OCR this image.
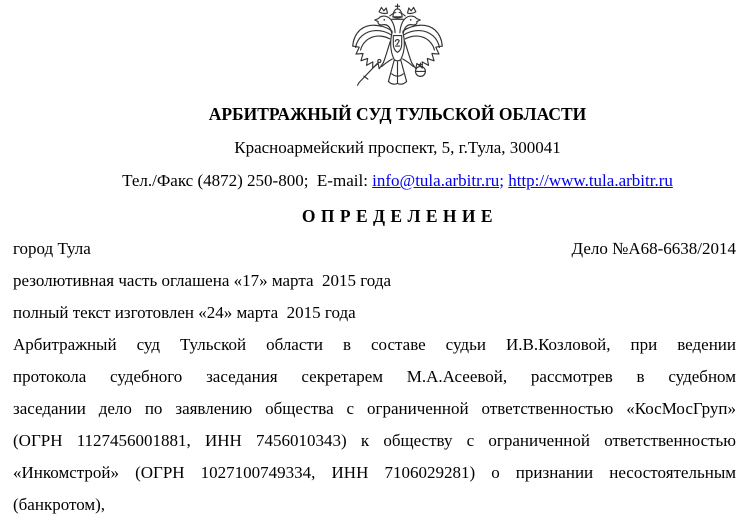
АРБИТРАЖНЫЙ СУД ТУЛЬСКОЙ ОБЛАСТИ
Красноармейский проспект, 5, г.Тула, 300041
Тел./Факс (4872) 250-800;  E-mail: info@tula.arbitr.ru; http://www.tula.arbitr.ru
О П Р Е Д Е Л Е Н И Е
город Тула	Дело №А68-6638/2014
резолютивная часть оглашена «17» марта  2015 года
полный текст изготовлен «24» марта  2015 года
Арбитражный суд Тульской области в составе судьи И.В.Козловой, при ведении
протокола судебного заседания секретарем М.А.Асеевой, рассмотрев в судебном
заседании дело по заявлению общества с ограниченной ответственностью «КосМосГруп»
(ОГРН 1127456001881, ИНН 7456010343) к обществу с ограниченной ответственностью
«Инкомстрой» (ОГРН 1027100749334, ИНН 7106029281) о признании несостоятельным
(банкротом),
